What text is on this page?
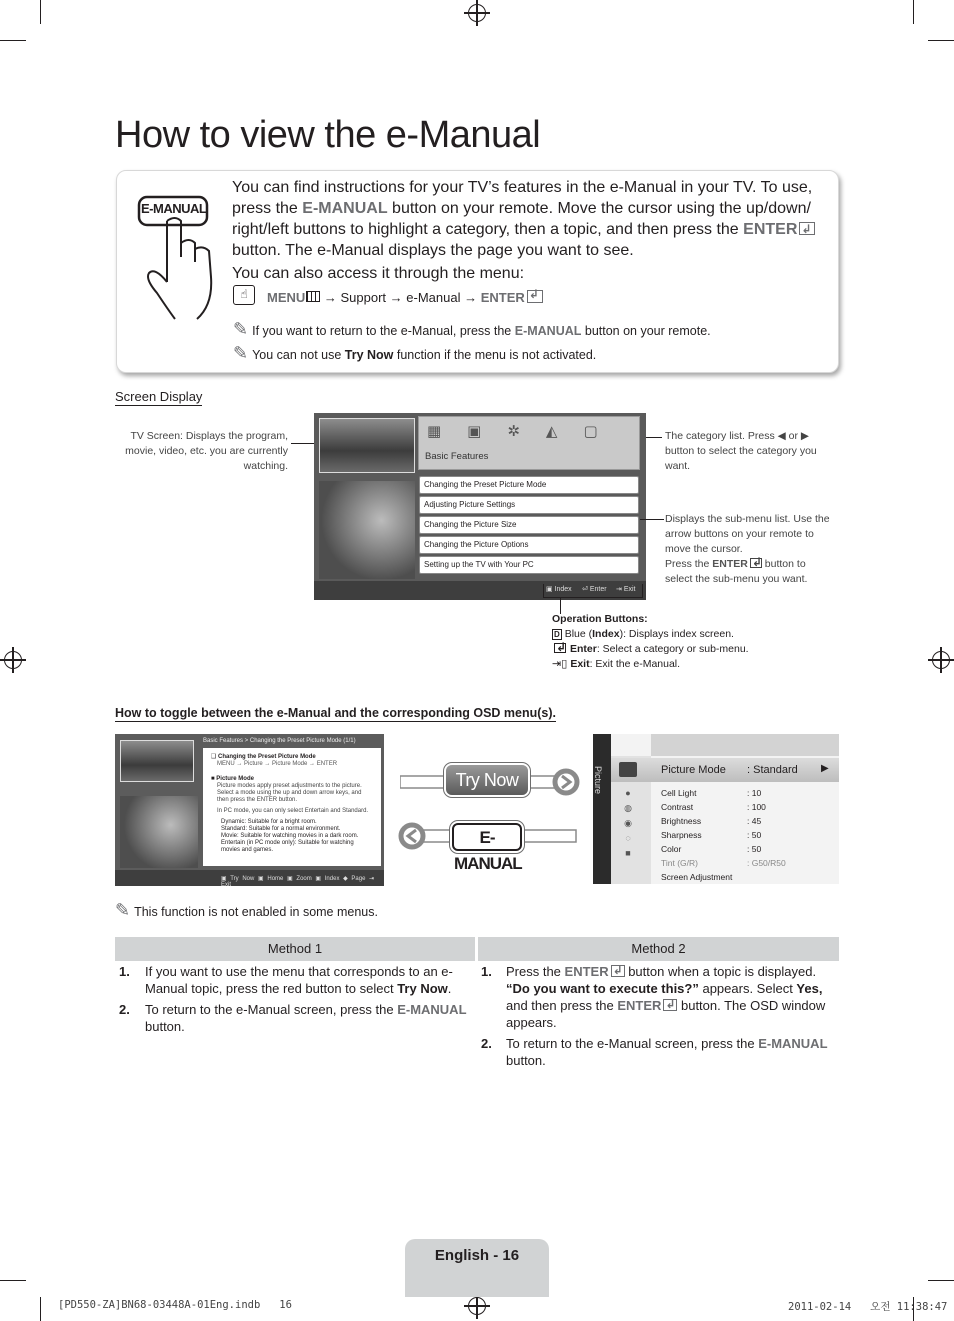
How to view the e-Manual
E-MANUAL
You can find instructions for your TV’s features in the e-Manual in your TV. To use, press the E-MANUAL button on your remote. Move the cursor using the up/down/ right/left buttons to highlight a category, then a topic, and then press the ENTER↲ button. The e-Manual displays the page you want to see.
You can also access it through the menu:
☝	MENU → Support → e-Manual → ENTER↲
✎ If you want to return to the e-Manual, press the E-MANUAL button on your remote.
✎ You can not use Try Now function if the menu is not activated.
Screen Display
TV Screen: Displays the program, movie, video, etc. you are currently watching.
▦▣✲◭▢
Basic Features
Changing the Preset Picture Mode
Adjusting Picture Settings
Changing the Picture Size
Changing the Picture Options
Setting up the TV with Your PC
▣ Index ⏎ Enter ⇥ Exit
The category list. Press ◀ or ▶ button to select the category you want.
Displays the sub-menu list. Use the arrow buttons on your remote to move the cursor.
Press the ENTER↲ button to select the sub-menu you want.
Operation Buttons:
D Blue (Index): Displays index screen.
↲Enter: Select a category or sub-menu.
⇥▯ Exit: Exit the e-Manual.
How to toggle between the e-Manual and the corresponding OSD menu(s).
Basic Features > Changing the Preset Picture Mode (1/1)
❑ Changing the Preset Picture Mode
MENU → Picture → Picture Mode → ENTER
■ Picture Mode
Picture modes apply preset adjustments to the picture. Select a mode using the up and down arrow keys, and then press the ENTER button.
In PC mode, you can only select Entertain and Standard.
Dynamic: Suitable for a bright room.
Standard: Suitable for a normal environment.
Movie: Suitable for watching movies in a dark room.
Entertain (in PC mode only): Suitable for watching movies and games.
▣ Try Now ▣ Home ▣ Zoom ▣ Index ◆ Page ⇥ Exit
Try Now
E-MANUAL
Picture	Picture Mode : Standard ▶
●
◍
◉
◌
■
Cell Light	: 10
Contrast	: 100
Brightness	: 45
Sharpness	: 50
Color	: 50
Tint (G/R)	: G50/R50
Screen Adjustment
✎ This function is not enabled in some menus.
Method 1	Method 2
1.	If you want to use the menu that corresponds to an e-Manual topic, press the red button to select Try Now.
2.	To return to the e-Manual screen, press the E-MANUAL button.
1.	Press the ENTER↲ button when a topic is displayed. “Do you want to execute this?” appears. Select Yes, and then press the ENTER↲ button. The OSD window appears.
2.	To return to the e-Manual screen, press the E-MANUAL button.
English - 16
[PD550-ZA]BN68-03448A-01Eng.indb   16	2011-02-14   오전 11:38:47
